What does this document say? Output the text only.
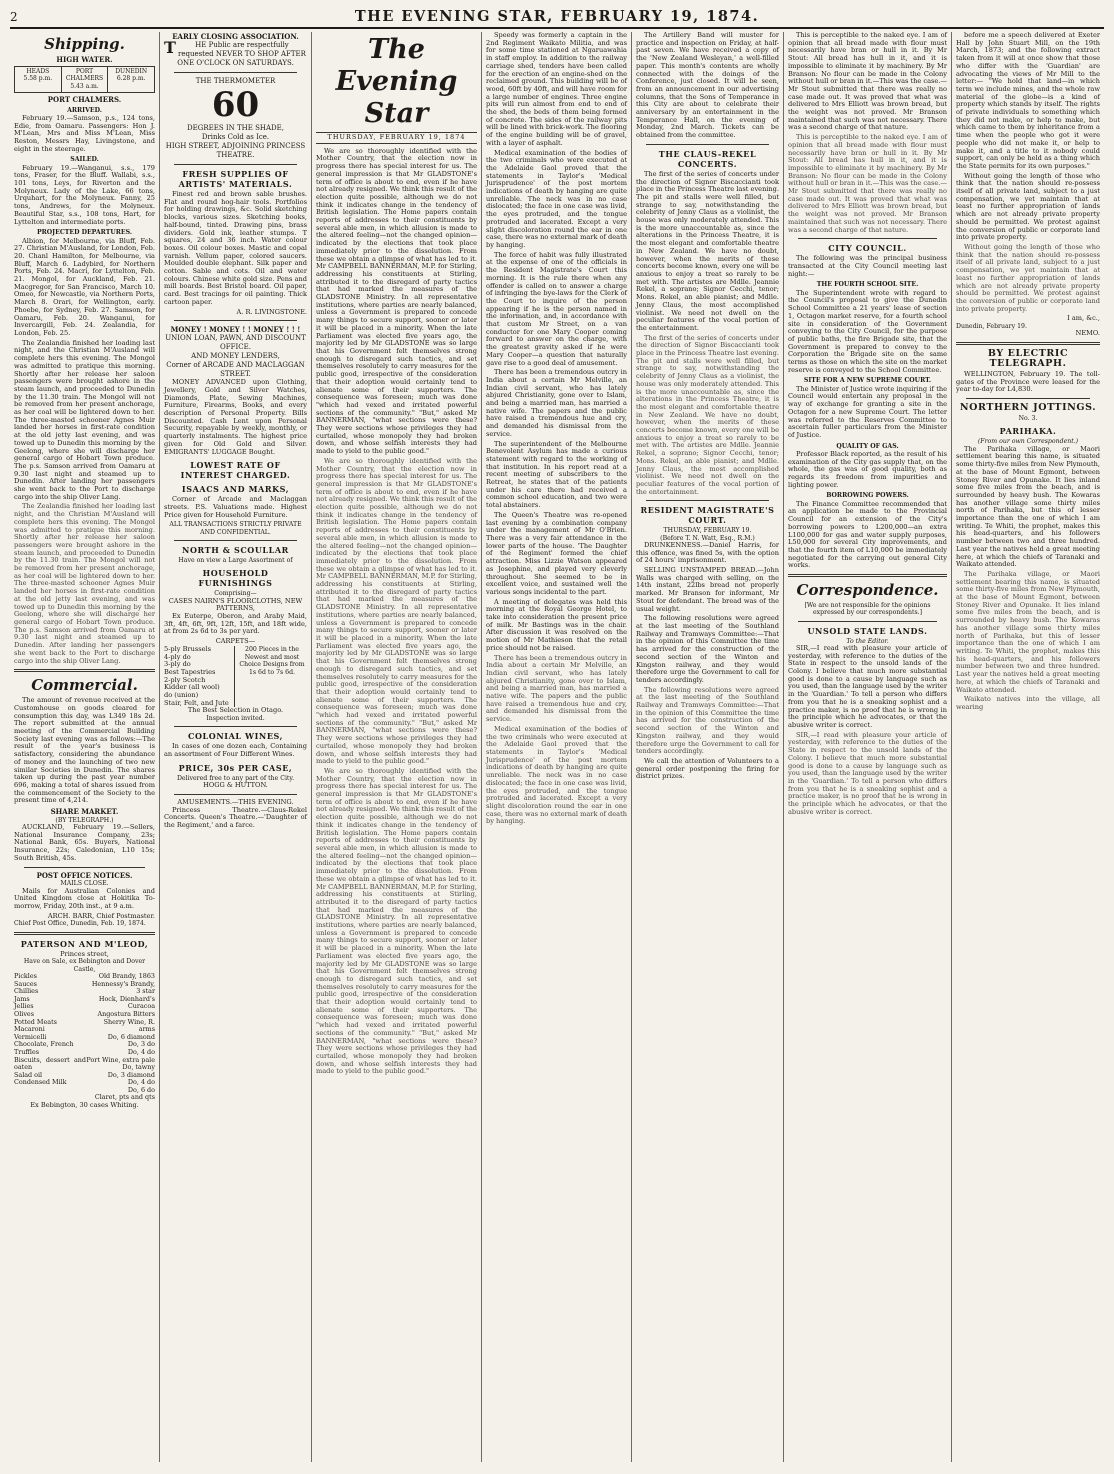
2	THE EVENING STAR, FEBRUARY 19, 1874.
Shipping.
HIGH WATER.
HEADS
5.58 p.m.
PORT CHALMERS
5.43 a.m.
DUNEDIN
6.28 p.m.
PORT CHALMERS.
ARRIVED.

February 19.—Samson, p.s., 124 tons, Edie, from Oamaru. Passengers: Hon J. M'Lean, Mrs and Miss M'Lean, Miss Reston, Messrs Hay, Livingstone, and eight in the steerage.

SAILED.

February 19.—Wanganui, s.s., 179 tons, Fraser, for the Bluff. Wallabi, s.s., 101 tons, Leys, for Riverton and the Molyneux. Lady of the Lake, 66 tons, Urquhart, for the Molyneux. Fanny, 25 tons, Andrews, for the Molyneux. Beautiful Star, s.s., 108 tons, Hart, for Lyttelton and intermediate ports.

PROJECTED DEPARTURES.

Albion, for Melbourne, via Bluff, Feb. 27. Christian M'Ausland, for London, Feb. 20. Chanl Hamilton, for Melbourne, via Bluff, March 6. Ladybird, for Northern Ports, Feb. 24. Macri, for Lyttelton, Feb. 21. Mongol, for Auckland, Feb. 21. Macgregor, for San Francisco, March 10. Omeo, for Newcastle, via Northern Ports, March 8. Orari, for Wellington, early. Phoebe, for Sydney, Feb. 27. Samson, for Oamaru, Feb. 20. Wanganui, for Invercargill, Feb. 24. Zealandia, for London, Feb. 25.

The Zealandia finished her loading last night, and the Christian M'Ausland will complete hers this evening. The Mongol was admitted to pratique this morning. Shortly after her release her saloon passengers were brought ashore in the steam launch, and proceeded to Dunedin by the 11.30 train. The Mongol will not be removed from her present anchorage, as her coal will be lightered down to her. The three-masted schooner Agnes Muir landed her horses in first-rate condition at the old jetty last evening, and was towed up to Dunedin this morning by the Geelong, where she will discharge her general cargo of Hobart Town produce. The p.s. Samson arrived from Oamaru at 9.30 last night and steamed up to Dunedin. After landing her passengers she went back to the Port to discharge cargo into the ship Oliver Lang.

The Zealandia finished her loading last night, and the Christian M'Ausland will complete hers this evening. The Mongol was admitted to pratique this morning. Shortly after her release her saloon passengers were brought ashore in the steam launch, and proceeded to Dunedin by the 11.30 train. The Mongol will not be removed from her present anchorage, as her coal will be lightered down to her. The three-masted schooner Agnes Muir landed her horses in first-rate condition at the old jetty last evening, and was towed up to Dunedin this morning by the Geelong, where she will discharge her general cargo of Hobart Town produce. The p.s. Samson arrived from Oamaru at 9.30 last night and steamed up to Dunedin. After landing her passengers she went back to the Port to discharge cargo into the ship Oliver Lang.

Commercial.

The amount of revenue received at the Customhouse on goods cleared for consumption this day, was L349 18s 2d. The report submitted at the annual meeting of the Commercial Building Society last evening was as follows:—The result of the year's business is satisfactory, considering the abundance of money and the launching of two new similar Societies in Dunedin. The shares taken up during the past year number 696, making a total of shares issued from the commencement of the Society to the present time of 4,214.

SHARE MARKET.
(BY TELEGRAPH.)

AUCKLAND, February 19.—Sellers, National Insurance Company, 23s; National Bank, 65s. Buyers, National Insurance, 22s; Caledonian, L10 15s; South British, 45s.

POST OFFICE NOTICES.
MAILS CLOSE.

Mails for Australian Colonies and United Kingdom close at Hokitika To-morrow, Friday, 20th inst., at 9 a.m.

ARCH. BARR, Chief Postmaster.
Chief Post Office, Dunedin, Feb. 19, 1874.
PATERSON AND M'LEOD,
Princes street,
Have on Sale, ex Bebington and Dover Castle,
Pickles
Sauces
Chillies
Jams
Jellies
Olives
Potted Meats
Macaroni
Vermicelli
Chocolate, French
Truffles
Biscuits, dessert and oaten
Salad oil
Condensed Milk
Old Brandy, 1863
Hennessy's Brandy, 3 star
Hock, Dienhard's
Curacoa
Angostura Bitters
Sherry Wine, R. arms
Do, 6 diamond
Do, 3 do
Do, 4 do
Port Wine, extra pale
Do, tawny
Do, 3 diamond
Do, 4 do
Do, 6 do
Claret, pts and qts
Ex Bebington, 30 cases Whiting.
EARLY CLOSING ASSOCIATION.
THE Public are respectfully requested NEVER TO SHOP AFTER ONE O'CLOCK ON SATURDAYS.
THE THERMOMETER
60
DEGREES IN THE SHADE,
Drinks Cold as Ice.
HIGH STREET, ADJOINING PRINCESS THEATRE.
FRESH SUPPLIES OF ARTISTS' MATERIALS.

Finest red and brown sable brushes. Flat and round hog-hair tools. Portfolios for holding drawings, &c. Solid sketching blocks, various sizes. Sketching books, half-bound, tinted. Drawing pins, brass dividers. Gold ink, leather stumps. T squares, 24 and 36 inch. Water colour boxes. Oil colour boxes. Mastic and copal varnish. Vellum paper, colored saucers. Moulded double elephant. Silk paper and cotton. Sable and cots. Oil and water colours. Chinese white gold size. Pens and mill boards. Best Bristol board. Oil paper, card. Best tracings for oil painting. Thick cartoon paper.

A. R. LIVINGSTONE.
MONEY ! MONEY ! ! MONEY ! ! !
UNION LOAN, PAWN, AND DISCOUNT OFFICE.
AND MONEY LENDERS,
Corner of ARCADE AND MACLAGGAN STREET.

MONEY ADVANCED upon Clothing, Jewellery, Gold and Silver Watches, Diamonds, Plate, Sewing Machines, Furniture, Firearms, Books, and every description of Personal Property. Bills Discounted. Cash Lent upon Personal Security, repayable by weekly, monthly, or quarterly instalments. The highest price given for Old Gold and Silver. EMIGRANTS' LUGGAGE Bought.

LOWEST RATE OF INTEREST CHARGED.
ISAACS AND MARKS,

Corner of Arcade and Maclaggan streets. P.S. Valuations made. Highest Price given for Household Furniture.

ALL TRANSACTIONS STRICTLY PRIVATE AND CONFIDENTIAL.
NORTH & SCOULLAR
Have on view a Large Assortment of
HOUSEHOLD FURNISHINGS
Comprising—
CASES NAIRN'S FLOORCLOTHS, NEW PATTERNS,

Ex Euterpe, Oberon, and Araby Maid, 3ft, 4ft, 6ft, 9ft, 12ft, 15ft, and 18ft wide, at from 2s 6d to 3s per yard.

CARPETS—
5-ply Brussels
4-ply do
3-ply do
Best Tapestries
2-ply Scotch
Kidder (all wool)
do (union)
Stair, Felt, and Jute
200 Pieces in the Newest and most Choice Designs from 1s 6d to 7s 6d.
The Best Selection in Otago.
Inspection invited.
COLONIAL WINES,

In cases of one dozen each, Containing an assortment of Four Different Wines.

PRICE, 30s PER CASE,
Delivered free to any part of the City.
HOGG & HUTTON.
AMUSEMENTS.—THIS EVENING.

Princess Theatre.—Claus-Rekel Concerts. Queen's Theatre.—'Daughter of the Regiment,' and a farce.

The Evening Star
THURSDAY, FEBRUARY 19, 1874

We are so thoroughly identified with the Mother Country, that the election now in progress there has special interest for us. The general impression is that Mr GLADSTONE's term of office is about to end, even if he have not already resigned. We think this result of the election quite possible, although we do not think it indicates change in the tendency of British legislation. The Home papers contain reports of addresses to their constituents by several able men, in which allusion is made to the altered feeling—not the changed opinion—indicated by the elections that took place immediately prior to the dissolution. From these we obtain a glimpse of what has led to it. Mr CAMPBELL BANNERMAN, M.P. for Stirling, addressing his constituents at Stirling, attributed it to the disregard of party tactics that had marked the measures of the GLADSTONE Ministry. In all representative institutions, where parties are nearly balanced, unless a Government is prepared to concede many things to secure support, sooner or later it will be placed in a minority. When the late Parliament was elected five years ago, the majority led by Mr GLADSTONE was so large that his Government felt themselves strong enough to disregard such tactics, and set themselves resolutely to carry measures for the public good, irrespective of the consideration that their adoption would certainly tend to alienate some of their supporters. The consequence was foreseen; much was done "which had vexed and irritated powerful sections of the community." "But," asked Mr BANNERMAN, "what sections were these? They were sections whose privileges they had curtailed, whose monopoly they had broken down, and whose selfish interests they had made to yield to the public good."

We are so thoroughly identified with the Mother Country, that the election now in progress there has special interest for us. The general impression is that Mr GLADSTONE's term of office is about to end, even if he have not already resigned. We think this result of the election quite possible, although we do not think it indicates change in the tendency of British legislation. The Home papers contain reports of addresses to their constituents by several able men, in which allusion is made to the altered feeling—not the changed opinion—indicated by the elections that took place immediately prior to the dissolution. From these we obtain a glimpse of what has led to it. Mr CAMPBELL BANNERMAN, M.P. for Stirling, addressing his constituents at Stirling, attributed it to the disregard of party tactics that had marked the measures of the GLADSTONE Ministry. In all representative institutions, where parties are nearly balanced, unless a Government is prepared to concede many things to secure support, sooner or later it will be placed in a minority. When the late Parliament was elected five years ago, the majority led by Mr GLADSTONE was so large that his Government felt themselves strong enough to disregard such tactics, and set themselves resolutely to carry measures for the public good, irrespective of the consideration that their adoption would certainly tend to alienate some of their supporters. The consequence was foreseen; much was done "which had vexed and irritated powerful sections of the community." "But," asked Mr BANNERMAN, "what sections were these? They were sections whose privileges they had curtailed, whose monopoly they had broken down, and whose selfish interests they had made to yield to the public good."

We are so thoroughly identified with the Mother Country, that the election now in progress there has special interest for us. The general impression is that Mr GLADSTONE's term of office is about to end, even if he have not already resigned. We think this result of the election quite possible, although we do not think it indicates change in the tendency of British legislation. The Home papers contain reports of addresses to their constituents by several able men, in which allusion is made to the altered feeling—not the changed opinion—indicated by the elections that took place immediately prior to the dissolution. From these we obtain a glimpse of what has led to it. Mr CAMPBELL BANNERMAN, M.P. for Stirling, addressing his constituents at Stirling, attributed it to the disregard of party tactics that had marked the measures of the GLADSTONE Ministry. In all representative institutions, where parties are nearly balanced, unless a Government is prepared to concede many things to secure support, sooner or later it will be placed in a minority. When the late Parliament was elected five years ago, the majority led by Mr GLADSTONE was so large that his Government felt themselves strong enough to disregard such tactics, and set themselves resolutely to carry measures for the public good, irrespective of the consideration that their adoption would certainly tend to alienate some of their supporters. The consequence was foreseen; much was done "which had vexed and irritated powerful sections of the community." "But," asked Mr BANNERMAN, "what sections were these? They were sections whose privileges they had curtailed, whose monopoly they had broken down, and whose selfish interests they had made to yield to the public good."

Speedy was formerly a captain in the 2nd Regiment Waikato Militia, and was for some time stationed at Ngaruawahia in staff employ. In addition to the railway carriage shed, tenders have been called for the erection of an engine-shed on the reclaimed ground. This building will be of wood, 60ft by 40ft, and will have room for a large number of engines. Three engine pits will run almost from end to end of the shed, the beds of them being formed of concrete. The sides of the railway pits will be lined with brick-work. The flooring of the engine building will be of gravel, with a layer of asphalt.

Medical examination of the bodies of the two criminals who were executed at the Adelaide Gaol proved that the statements in Taylor's 'Medical Jurisprudence' of the post mortem indications of death by hanging are quite unreliable. The neck was in no case dislocated; the face in one case was livid, the eyes protruded, and the tongue protruded and lacerated. Except a very slight discoloration round the ear in one case, there was no external mark of death by hanging.

The force of habit was fully illustrated at the expense of one of the officials in the Resident Magistrate's Court this morning. It is the rule there when any offender is called on to answer a charge of infringing the bye-laws for the Clerk of the Court to inquire of the person appearing if he is the person named in the information, and, in accordance with that custom Mr Street, on a van conductor for one Mary Cooper coming forward to answer on the charge, with the greatest gravity asked if he were Mary Cooper—a question that naturally gave rise to a good deal of amusement.

There has been a tremendous outcry in India about a certain Mr Melville, an Indian civil servant, who has lately abjured Christianity, gone over to Islam, and being a married man, has married a native wife. The papers and the public have raised a tremendous hue and cry, and demanded his dismissal from the service.

The superintendent of the Melbourne Benevolent Asylum has made a curious statement with regard to the working of that institution. In his report read at a recent meeting of subscribers to the Retreat, he states that of the patients under his care there had received a common school education, and two were total abstainers.

The Queen's Theatre was re-opened last evening by a combination company under the management of Mr O'Brien. There was a very fair attendance in the lower parts of the house. 'The Daughter of the Regiment' formed the chief attraction. Miss Lizzie Watson appeared as Josephine, and played very cleverly throughout. She seemed to be in excellent voice, and sustained well the various songs incidental to the part.

A meeting of delegates was held this morning at the Royal George Hotel, to take into consideration the present price of milk. Mr Bastings was in the chair. After discussion it was resolved on the motion of Mr Mathieson that the retail price should not be raised.

There has been a tremendous outcry in India about a certain Mr Melville, an Indian civil servant, who has lately abjured Christianity, gone over to Islam, and being a married man, has married a native wife. The papers and the public have raised a tremendous hue and cry, and demanded his dismissal from the service.

Medical examination of the bodies of the two criminals who were executed at the Adelaide Gaol proved that the statements in Taylor's 'Medical Jurisprudence' of the post mortem indications of death by hanging are quite unreliable. The neck was in no case dislocated; the face in one case was livid, the eyes protruded, and the tongue protruded and lacerated. Except a very slight discoloration round the ear in one case, there was no external mark of death by hanging.

The Artillery Band will muster for practice and inspection on Friday, at half-past seven. We have received a copy of the 'New Zealand Wesleyan,' a well-filled paper. This month's contents are wholly connected with the doings of the Conference, just closed. It will be seen, from an announcement in our advertising columns, that the Sons of Temperance in this City are about to celebrate their anniversary by an entertainment in the Temperance Hall, on the evening of Monday, 2nd March. Tickets can be obtained from the committee.

THE CLAUS-REKEL CONCERTS.

The first of the series of concerts under the direction of Signor Biscaccianti took place in the Princess Theatre last evening. The pit and stalls were well filled, but strange to say, notwithstanding the celebrity of Jenny Claus as a violinist, the house was only moderately attended. This is the more unaccountable as, since the alterations in the Princess Theatre, it is the most elegant and comfortable theatre in New Zealand. We have no doubt, however, when the merits of these concerts become known, every one will be anxious to enjoy a treat so rarely to be met with. The artistes are Mdlle. Jeannie Rekel, a soprano; Signor Cecchi, tenor; Mons. Rekel, an able pianist; and Mdlle. Jenny Claus, the most accomplished violinist. We need not dwell on the peculiar features of the vocal portion of the entertainment.

The first of the series of concerts under the direction of Signor Biscaccianti took place in the Princess Theatre last evening. The pit and stalls were well filled, but strange to say, notwithstanding the celebrity of Jenny Claus as a violinist, the house was only moderately attended. This is the more unaccountable as, since the alterations in the Princess Theatre, it is the most elegant and comfortable theatre in New Zealand. We have no doubt, however, when the merits of these concerts become known, every one will be anxious to enjoy a treat so rarely to be met with. The artistes are Mdlle. Jeannie Rekel, a soprano; Signor Cecchi, tenor; Mons. Rekel, an able pianist; and Mdlle. Jenny Claus, the most accomplished violinist. We need not dwell on the peculiar features of the vocal portion of the entertainment.

RESIDENT MAGISTRATE'S COURT.
THURSDAY, FEBRUARY 19.
(Before T. N. Watt, Esq., R.M.)

DRUNKENNESS.—Daniel Harris, for this offence, was fined 5s, with the option of 24 hours' imprisonment.

SELLING UNSTAMPED BREAD.—John Walls was charged with selling, on the 14th instant, 22lbs bread not properly marked. Mr Branson for informant, Mr Stout for defendant. The bread was of the usual weight.

The following resolutions were agreed at the last meeting of the Southland Railway and Tramways Committee:—That in the opinion of this Committee the time has arrived for the construction of the second section of the Winton and Kingston railway, and they would therefore urge the Government to call for tenders accordingly.

The following resolutions were agreed at the last meeting of the Southland Railway and Tramways Committee:—That in the opinion of this Committee the time has arrived for the construction of the second section of the Winton and Kingston railway, and they would therefore urge the Government to call for tenders accordingly.

We call the attention of Volunteers to a general order postponing the firing for district prizes.

This is perceptible to the naked eye. I am of opinion that all bread made with flour must necessarily have bran or hull in it. By Mr Stout: All bread has hull in it, and it is impossible to eliminate it by machinery. By Mr Branson: No flour can be made in the Colony without hull or bran in it.—This was the case.—Mr Stout submitted that there was really no case made out. It was proved that what was delivered to Mrs Elliott was brown bread, but the weight was not proved. Mr Branson maintained that such was not necessary. There was a second charge of that nature.

This is perceptible to the naked eye. I am of opinion that all bread made with flour must necessarily have bran or hull in it. By Mr Stout: All bread has hull in it, and it is impossible to eliminate it by machinery. By Mr Branson: No flour can be made in the Colony without hull or bran in it.—This was the case.—Mr Stout submitted that there was really no case made out. It was proved that what was delivered to Mrs Elliott was brown bread, but the weight was not proved. Mr Branson maintained that such was not necessary. There was a second charge of that nature.

CITY COUNCIL.

The following was the principal business transacted at the City Council meeting last night:—

THE FOURTH SCHOOL SITE.

The Superintendent wrote with regard to the Council's proposal to give the Dunedin School Committee a 21 years' lease of section 1, Octagon market reserve, for a fourth school site in consideration of the Government conveying to the City Council, for the purpose of public baths, the fire Brigade site, that the Government is prepared to convey to the Corporation the Brigade site on the same terms as those on which the site on the market reserve is conveyed to the School Committee.

SITE FOR A NEW SUPREME COURT.

The Minister of Justice wrote inquiring if the Council would entertain any proposal in the way of exchange for granting a site in the Octagon for a new Supreme Court. The letter was referred to the Reserves Committee to ascertain fuller particulars from the Minister of Justice.

QUALITY OF GAS.

Professor Black reported, as the result of his examination of the City gas supply that, on the whole, the gas was of good quality, both as regards its freedom from impurities and lighting power.

BORROWING POWERS.

The Finance Committee recommended that an application be made to the Provincial Council for an extension of the City's borrowing powers to L200,000—an extra L100,000 for gas and water supply purposes, L50,000 for several City improvements, and that the fourth item of L10,000 be immediately negotiated for the carrying out general City works.

Correspondence.
[We are not responsible for the opinions expressed by our correspondents.]
UNSOLD STATE LANDS.
To the Editor.

SIR,—I read with pleasure your article of yesterday, with reference to the duties of the State in respect to the unsold lands of the Colony. I believe that much more substantial good is done to a cause by language such as you used, than the language used by the writer in the 'Guardian.' To tell a person who differs from you that he is a sneaking sophist and a practice maker, is no proof that he is wrong in the principle which he advocates, or that the abusive writer is correct.

SIR,—I read with pleasure your article of yesterday, with reference to the duties of the State in respect to the unsold lands of the Colony. I believe that much more substantial good is done to a cause by language such as you used, than the language used by the writer in the 'Guardian.' To tell a person who differs from you that he is a sneaking sophist and a practice maker, is no proof that he is wrong in the principle which he advocates, or that the abusive writer is correct.

before me a speech delivered at Exeter Hall by John Stuart Mill, on the 19th March, 1873; and the following extract taken from it will at once show that those who differ with the 'Guardian' are advocating the views of Mr Mill to the letter:— "We hold that land—in which term we include mines, and the whole raw material of the globe—is a kind of property which stands by itself. The rights of private individuals to something which they did not make, or help to make, but which came to them by inheritance from a time when the people who got it were people who did not make it, or help to make it, and a title to it nobody could support, can only be held as a thing which the State permits for its own purposes."

Without going the length of those who think that the nation should re-possess itself of all private land, subject to a just compensation, we yet maintain that at least no further appropriation of lands which are not already private property should be permitted. We protest against the conversion of public or corporate land into private property.

Without going the length of those who think that the nation should re-possess itself of all private land, subject to a just compensation, we yet maintain that at least no further appropriation of lands which are not already private property should be permitted. We protest against the conversion of public or corporate land into private property.

I am, &c.,
Dunedin, February 19.
NEMO.
BY ELECTRIC TELEGRAPH.

WELLINGTON, February 19. The toll-gates of the Province were leased for the year to-day for L4,830.

NORTHERN JOTTINGS.
No. 3.
PARIHAKA.
(From our own Correspondent.)

The Parihaka village, or Maori settlement bearing this name, is situated some thirty-five miles from New Plymouth, at the base of Mount Egmont, between Stoney River and Opunake. It lies inland some five miles from the beach, and is surrounded by heavy bush. The Kowaras has another village some thirty miles north of Parihaka, but this of lesser importance than the one of which I am writing. Te Whiti, the prophet, makes this his head-quarters, and his followers number between two and three hundred. Last year the natives held a great meeting here, at which the chiefs of Taranaki and Waikato attended.

The Parihaka village, or Maori settlement bearing this name, is situated some thirty-five miles from New Plymouth, at the base of Mount Egmont, between Stoney River and Opunake. It lies inland some five miles from the beach, and is surrounded by heavy bush. The Kowaras has another village some thirty miles north of Parihaka, but this of lesser importance than the one of which I am writing. Te Whiti, the prophet, makes this his head-quarters, and his followers number between two and three hundred. Last year the natives held a great meeting here, at which the chiefs of Taranaki and Waikato attended.

Waikato natives into the village, all wearing
